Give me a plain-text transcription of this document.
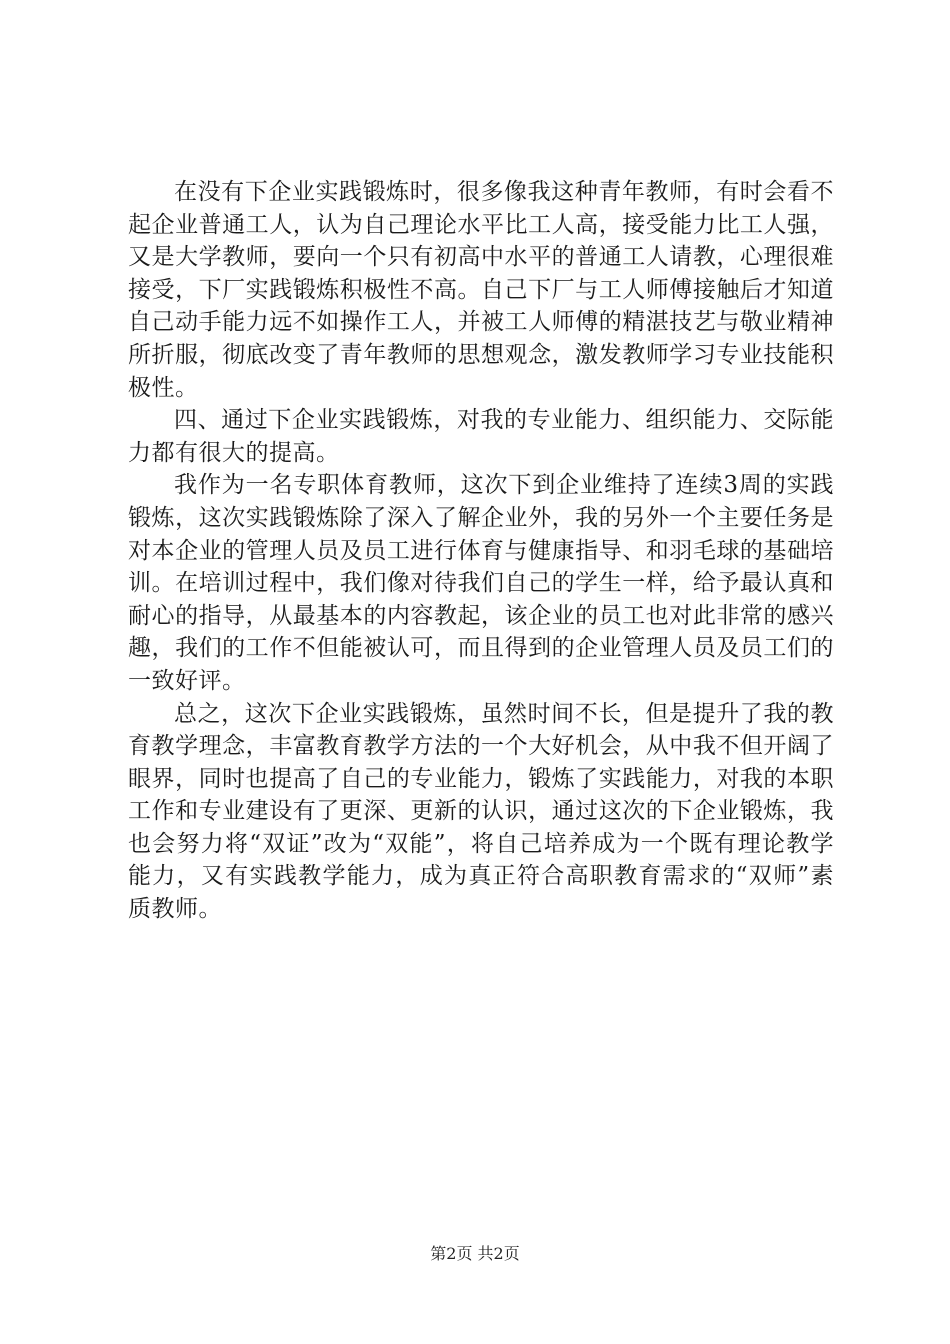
在没有下企业实践锻炼时，很多像我这种青年教师，有时会看不起企业普通工人，认为自己理论水平比工人高，接受能力比工人强，又是大学教师，要向一个只有初高中水平的普通工人请教，心理很难接受，下厂实践锻炼积极性不高。自己下厂与工人师傅接触后才知道自己动手能力远不如操作工人，并被工人师傅的精湛技艺与敬业精神所折服，彻底改变了青年教师的思想观念，激发教师学习专业技能积极性。

四、通过下企业实践锻炼，对我的专业能力、组织能力、交际能力都有很大的提高。

我作为一名专职体育教师，这次下到企业维持了连续3周的实践锻炼，这次实践锻炼除了深入了解企业外，我的另外一个主要任务是对本企业的管理人员及员工进行体育与健康指导、和羽毛球的基础培训。在培训过程中，我们像对待我们自己的学生一样，给予最认真和耐心的指导，从最基本的内容教起，该企业的员工也对此非常的感兴趣，我们的工作不但能被认可，而且得到的企业管理人员及员工们的一致好评。

总之，这次下企业实践锻炼，虽然时间不长，但是提升了我的教育教学理念，丰富教育教学方法的一个大好机会，从中我不但开阔了眼界，同时也提高了自己的专业能力，锻炼了实践能力，对我的本职工作和专业建设有了更深、更新的认识，通过这次的下企业锻炼，我也会努力将“双证”改为“双能”，将自己培养成为一个既有理论教学能力，又有实践教学能力，成为真正符合高职教育需求的“双师”素质教师。

第2页 共2页
